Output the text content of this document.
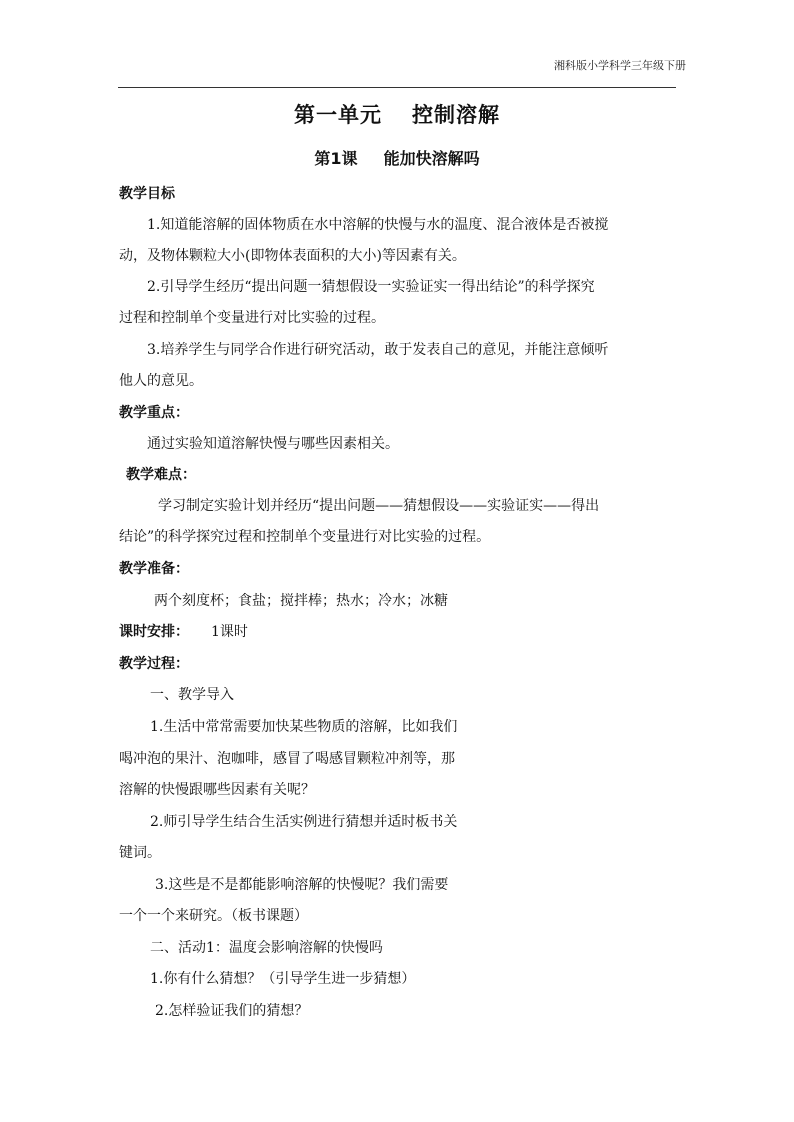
湘科版小学科学三年级下册
第一单元 控制溶解
第1课 能加快溶解吗
教学目标
1.知道能溶解的固体物质在水中溶解的快慢与水的温度、混合液体是否被搅
动，及物体颗粒大小(即物体表面积的大小)等因素有关。
2.引导学生经历“提出问题一猜想假设一实验证实一得出结论”的科学探究
过程和控制单个变量进行对比实验的过程。
3.培养学生与同学合作进行研究活动，敢于发表自己的意见，并能注意倾听
他人的意见。
教学重点：
通过实验知道溶解快慢与哪些因素相关。
教学难点：
学习制定实验计划并经历“提出问题——猜想假设——实验证实——得出
结论”的科学探究过程和控制单个变量进行对比实验的过程。
教学准备：
两个刻度杯；食盐；搅拌棒；热水；冷水；冰糖
课时安排： 1课时
教学过程：
一、教学导入
1.生活中常常需要加快某些物质的溶解，比如我们
喝冲泡的果汁、泡咖啡，感冒了喝感冒颗粒冲剂等，那
溶解的快慢跟哪些因素有关呢？
2.师引导学生结合生活实例进行猜想并适时板书关
键词。
3.这些是不是都能影响溶解的快慢呢？我们需要
一个一个来研究。（板书课题）
二、活动1：温度会影响溶解的快慢吗
1.你有什么猜想？（引导学生进一步猜想）
2.怎样验证我们的猜想？
